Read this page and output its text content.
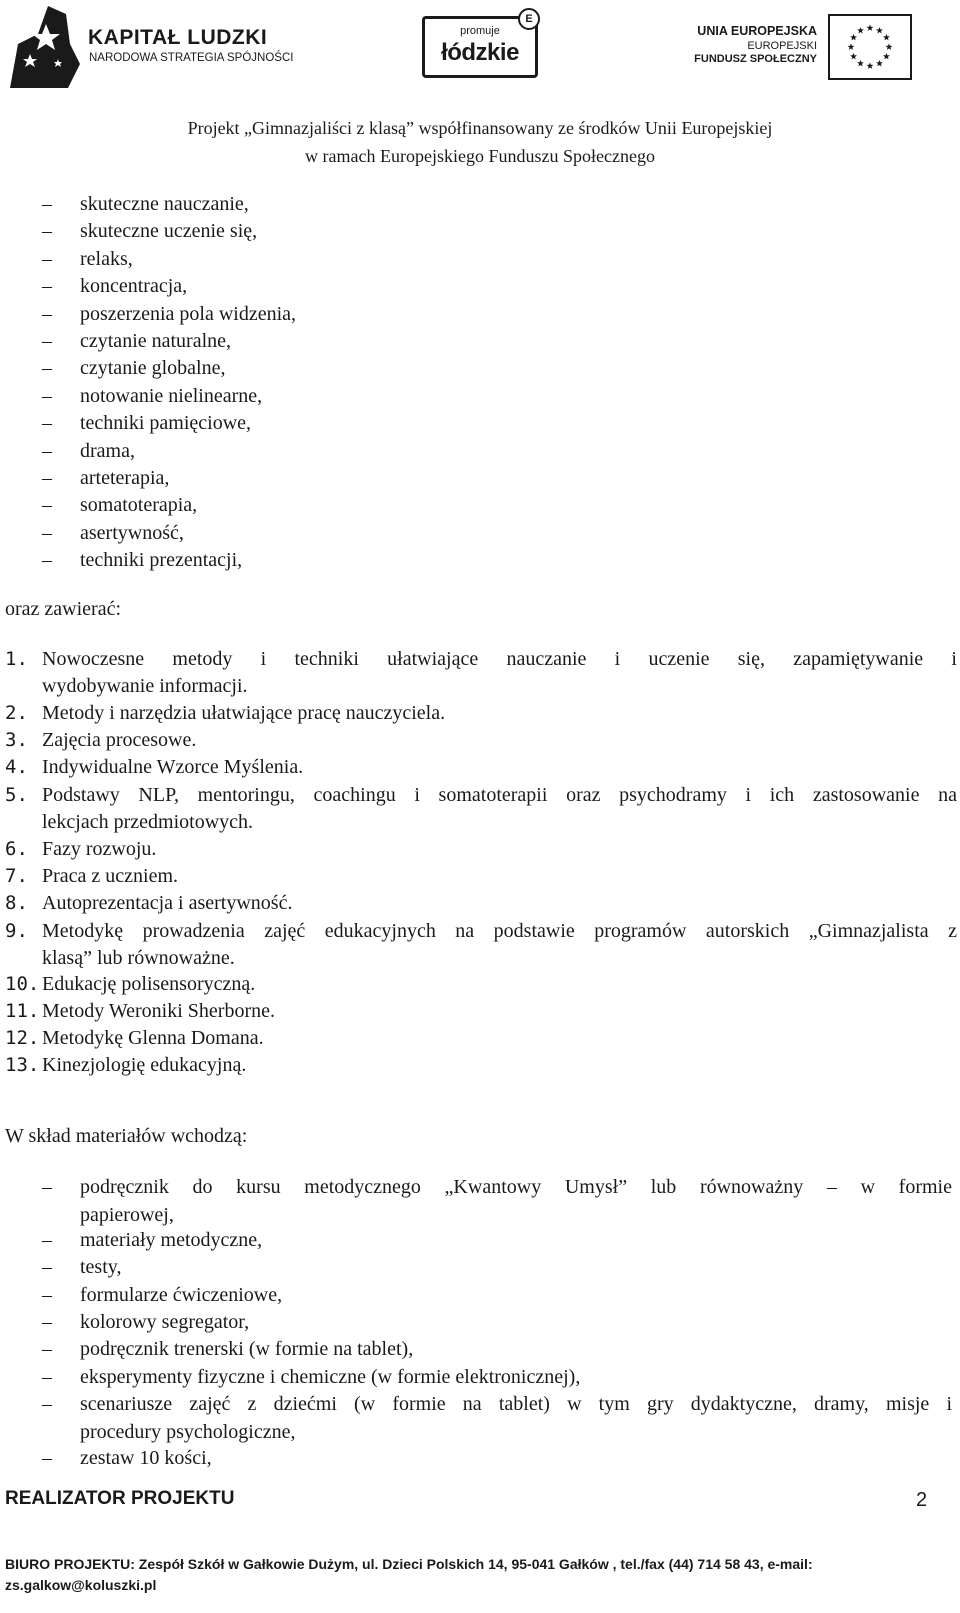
KAPITAŁ LUDZKI
NARODOWA STRATEGIA SPÓJNOŚCI
promuje
łódzkie
E
UNIA EUROPEJSKA
EUROPEJSKI
FUNDUSZ SPOŁECZNY
Projekt „Gimnazjaliści z klasą” współfinansowany ze środków Unii Europejskiej
w ramach Europejskiego Funduszu Społecznego
–	skuteczne nauczanie,
–	skuteczne uczenie się,
–	relaks,
–	koncentracja,
–	poszerzenia pola widzenia,
–	czytanie naturalne,
–	czytanie globalne,
–	notowanie nielinearne,
–	techniki pamięciowe,
–	drama,
–	arteterapia,
–	somatoterapia,
–	asertywność,
–	techniki prezentacji,
oraz zawierać:
1. Nowoczesne metody i techniki ułatwiające nauczanie i uczenie się, zapamiętywanie i
wydobywanie informacji.
2. Metody i narzędzia ułatwiające pracę nauczyciela.
3. Zajęcia procesowe.
4. Indywidualne Wzorce Myślenia.
5. Podstawy NLP, mentoringu, coachingu i somatoterapii oraz psychodramy i ich zastosowanie na
lekcjach przedmiotowych.
6. Fazy rozwoju.
7. Praca z uczniem.
8. Autoprezentacja i asertywność.
9. Metodykę prowadzenia zajęć edukacyjnych na podstawie programów autorskich „Gimnazjalista z
klasą” lub równoważne.
10. Edukację polisensoryczną.
11. Metody Weroniki Sherborne.
12. Metodykę Glenna Domana.
13. Kinezjologię edukacyjną.
W skład materiałów wchodzą:
–	podręcznik do kursu metodycznego „Kwantowy Umysł” lub równoważny – w formie
papierowej,
–	materiały metodyczne,
–	testy,
–	formularze ćwiczeniowe,
–	kolorowy segregator,
–	podręcznik trenerski (w formie na tablet),
–	eksperymenty fizyczne i chemiczne (w formie elektronicznej),
–	scenariusze zajęć z dziećmi (w formie na tablet) w tym gry dydaktyczne, dramy, misje i
procedury psychologiczne,
–	zestaw 10 kości,
REALIZATOR PROJEKTU	2
BIURO PROJEKTU: Zespół Szkół w Gałkowie Dużym, ul. Dzieci Polskich 14, 95-041 Gałków , tel./fax (44) 714 58 43, e-mail:
zs.galkow@koluszki.pl
